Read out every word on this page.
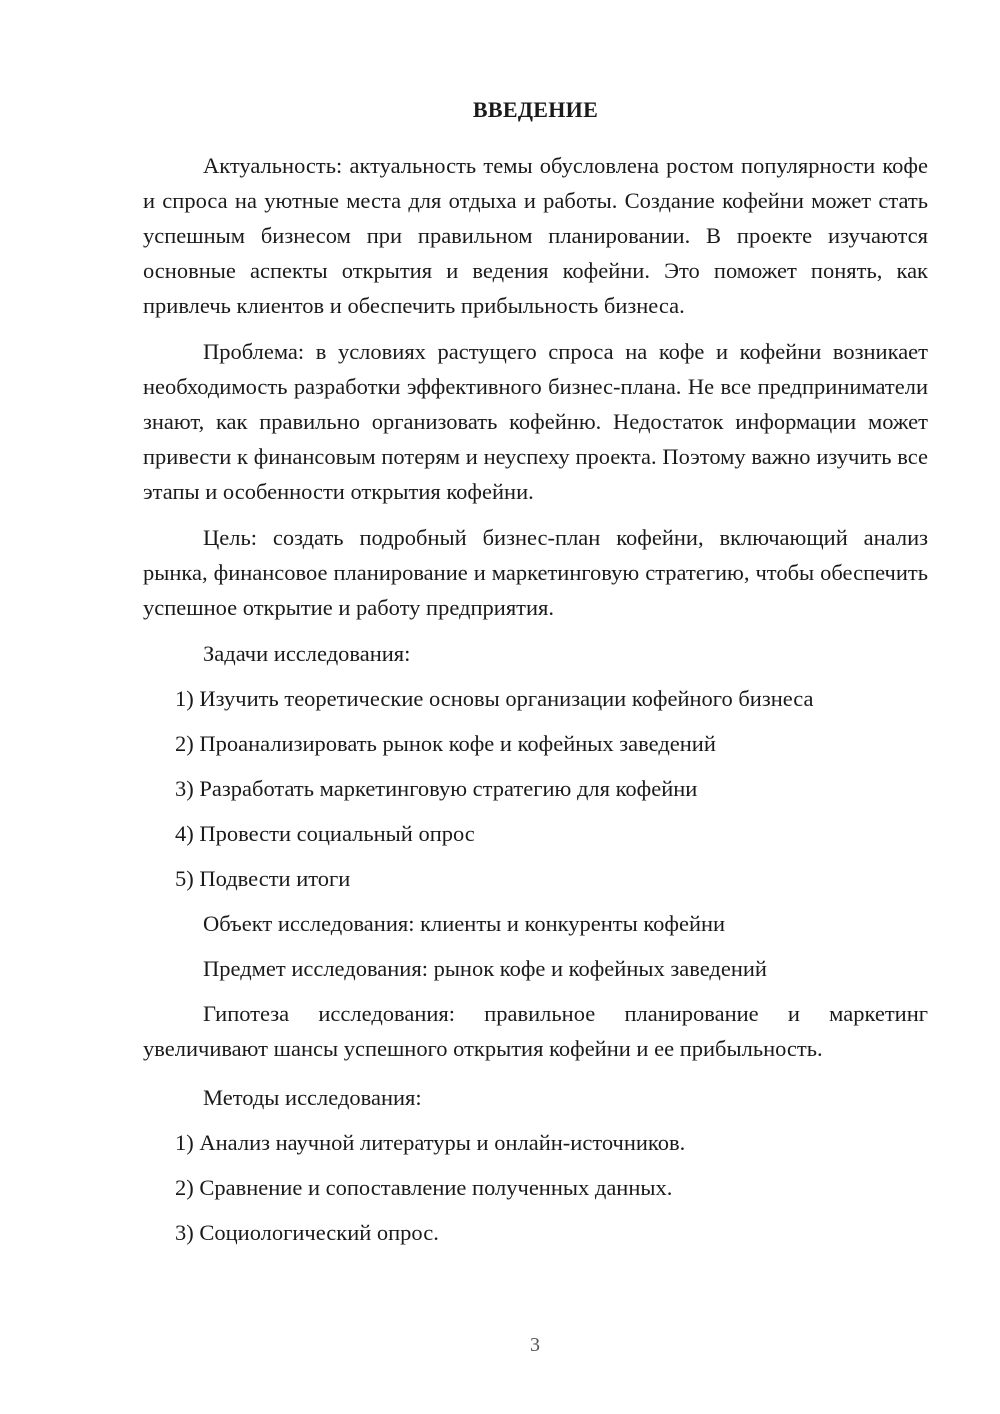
ВВЕДЕНИЕ

Актуальность: актуальность темы обусловлена ростом популярности кофе и спроса на уютные места для отдыха и работы. Создание кофейни может стать успешным бизнесом при правильном планировании. В проекте изучаются основные аспекты открытия и ведения кофейни. Это поможет понять, как привлечь клиентов и обеспечить прибыльность бизнеса.

Проблема: в условиях растущего спроса на кофе и кофейни возникает необходимость разработки эффективного бизнес-плана. Не все предприниматели знают, как правильно организовать кофейню. Недостаток информации может привести к финансовым потерям и неуспеху проекта. Поэтому важно изучить все этапы и особенности открытия кофейни.

Цель: создать подробный бизнес-план кофейни, включающий анализ рынка, финансовое планирование и маркетинговую стратегию, чтобы обеспечить успешное открытие и работу предприятия.

Задачи исследования:
1) Изучить теоретические основы организации кофейного бизнеса
2) Проанализировать рынок кофе и кофейных заведений
3) Разработать маркетинговую стратегию для кофейни
4) Провести социальный опрос
5) Подвести итоги
Объект исследования: клиенты и конкуренты кофейни
Предмет исследования: рынок кофе и кофейных заведений

Гипотеза исследования: правильное планирование и маркетинг увеличивают шансы успешного открытия кофейни и ее прибыльность.

Методы исследования:
1) Анализ научной литературы и онлайн-источников.
2) Сравнение и сопоставление полученных данных.
3) Социологический опрос.
3
